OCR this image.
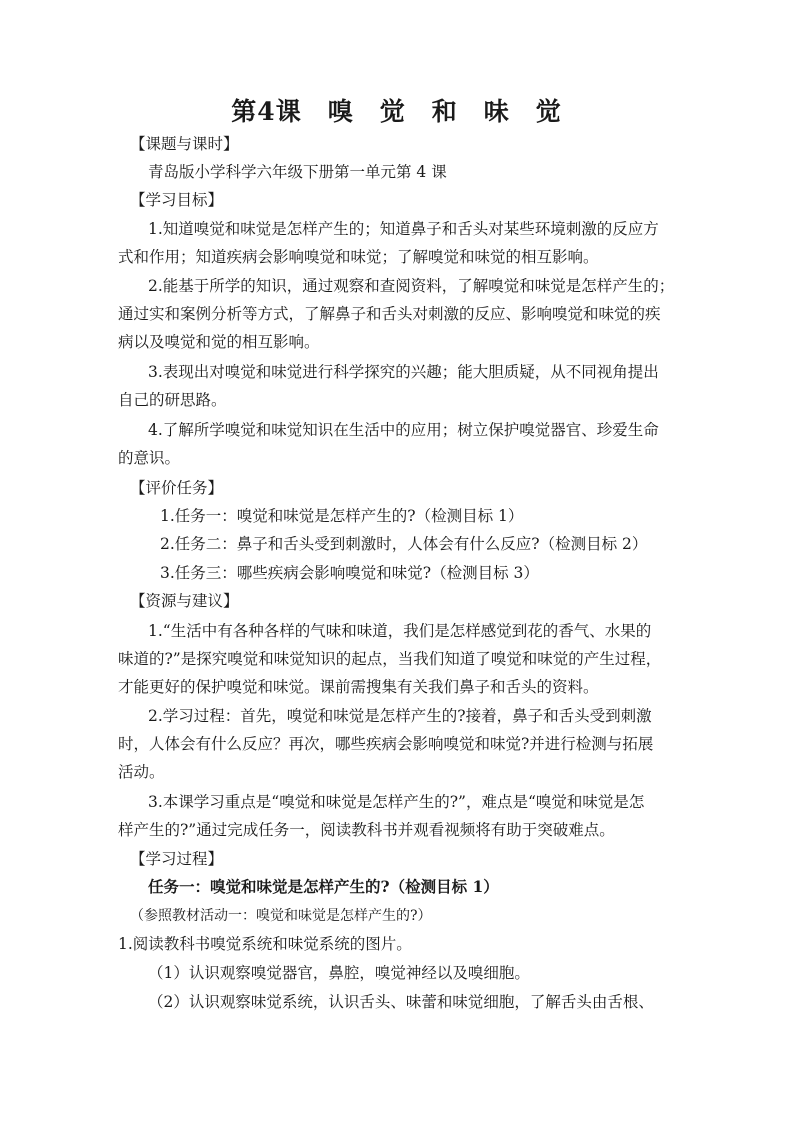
第4课　嗅　觉　和　味　觉
【课题与课时】
青岛版小学科学六年级下册第一单元第 4 课
【学习目标】
1.知道嗅觉和味觉是怎样产生的；知道鼻子和舌头对某些环境刺激的反应方
式和作用；知道疾病会影响嗅觉和味觉；了解嗅觉和味觉的相互影响。
2.能基于所学的知识，通过观察和查阅资料，了解嗅觉和味觉是怎样产生的；
通过实和案例分析等方式，了解鼻子和舌头对刺激的反应、影响嗅觉和味觉的疾
病以及嗅觉和觉的相互影响。
3.表现出对嗅觉和味觉进行科学探究的兴趣；能大胆质疑，从不同视角提出
自己的研思路。
4.了解所学嗅觉和味觉知识在生活中的应用；树立保护嗅觉器官、珍爱生命
的意识。
【评价任务】
1.任务一：嗅觉和味觉是怎样产生的?（检测目标 1）
2.任务二：鼻子和舌头受到刺激时，人体会有什么反应?（检测目标 2）
3.任务三：哪些疾病会影响嗅觉和味觉?（检测目标 3）
【资源与建议】
1.“生活中有各种各样的气味和味道，我们是怎样感觉到花的香气、水果的
味道的?”是探究嗅觉和味觉知识的起点，当我们知道了嗅觉和味觉的产生过程，
才能更好的保护嗅觉和味觉。课前需搜集有关我们鼻子和舌头的资料。
2.学习过程：首先，嗅觉和味觉是怎样产生的?接着，鼻子和舌头受到刺激
时，人体会有什么反应？再次，哪些疾病会影响嗅觉和味觉?并进行检测与拓展
活动。
3.本课学习重点是“嗅觉和味觉是怎样产生的?”，难点是“嗅觉和味觉是怎
样产生的?”通过完成任务一，阅读教科书并观看视频将有助于突破难点。
【学习过程】
任务一：嗅觉和味觉是怎样产生的?（检测目标 1）
（参照教材活动一：嗅觉和味觉是怎样产生的?）
1.阅读教科书嗅觉系统和味觉系统的图片。
（1）认识观察嗅觉器官，鼻腔，嗅觉神经以及嗅细胞。
（2）认识观察味觉系统，认识舌头、味蕾和味觉细胞，了解舌头由舌根、
